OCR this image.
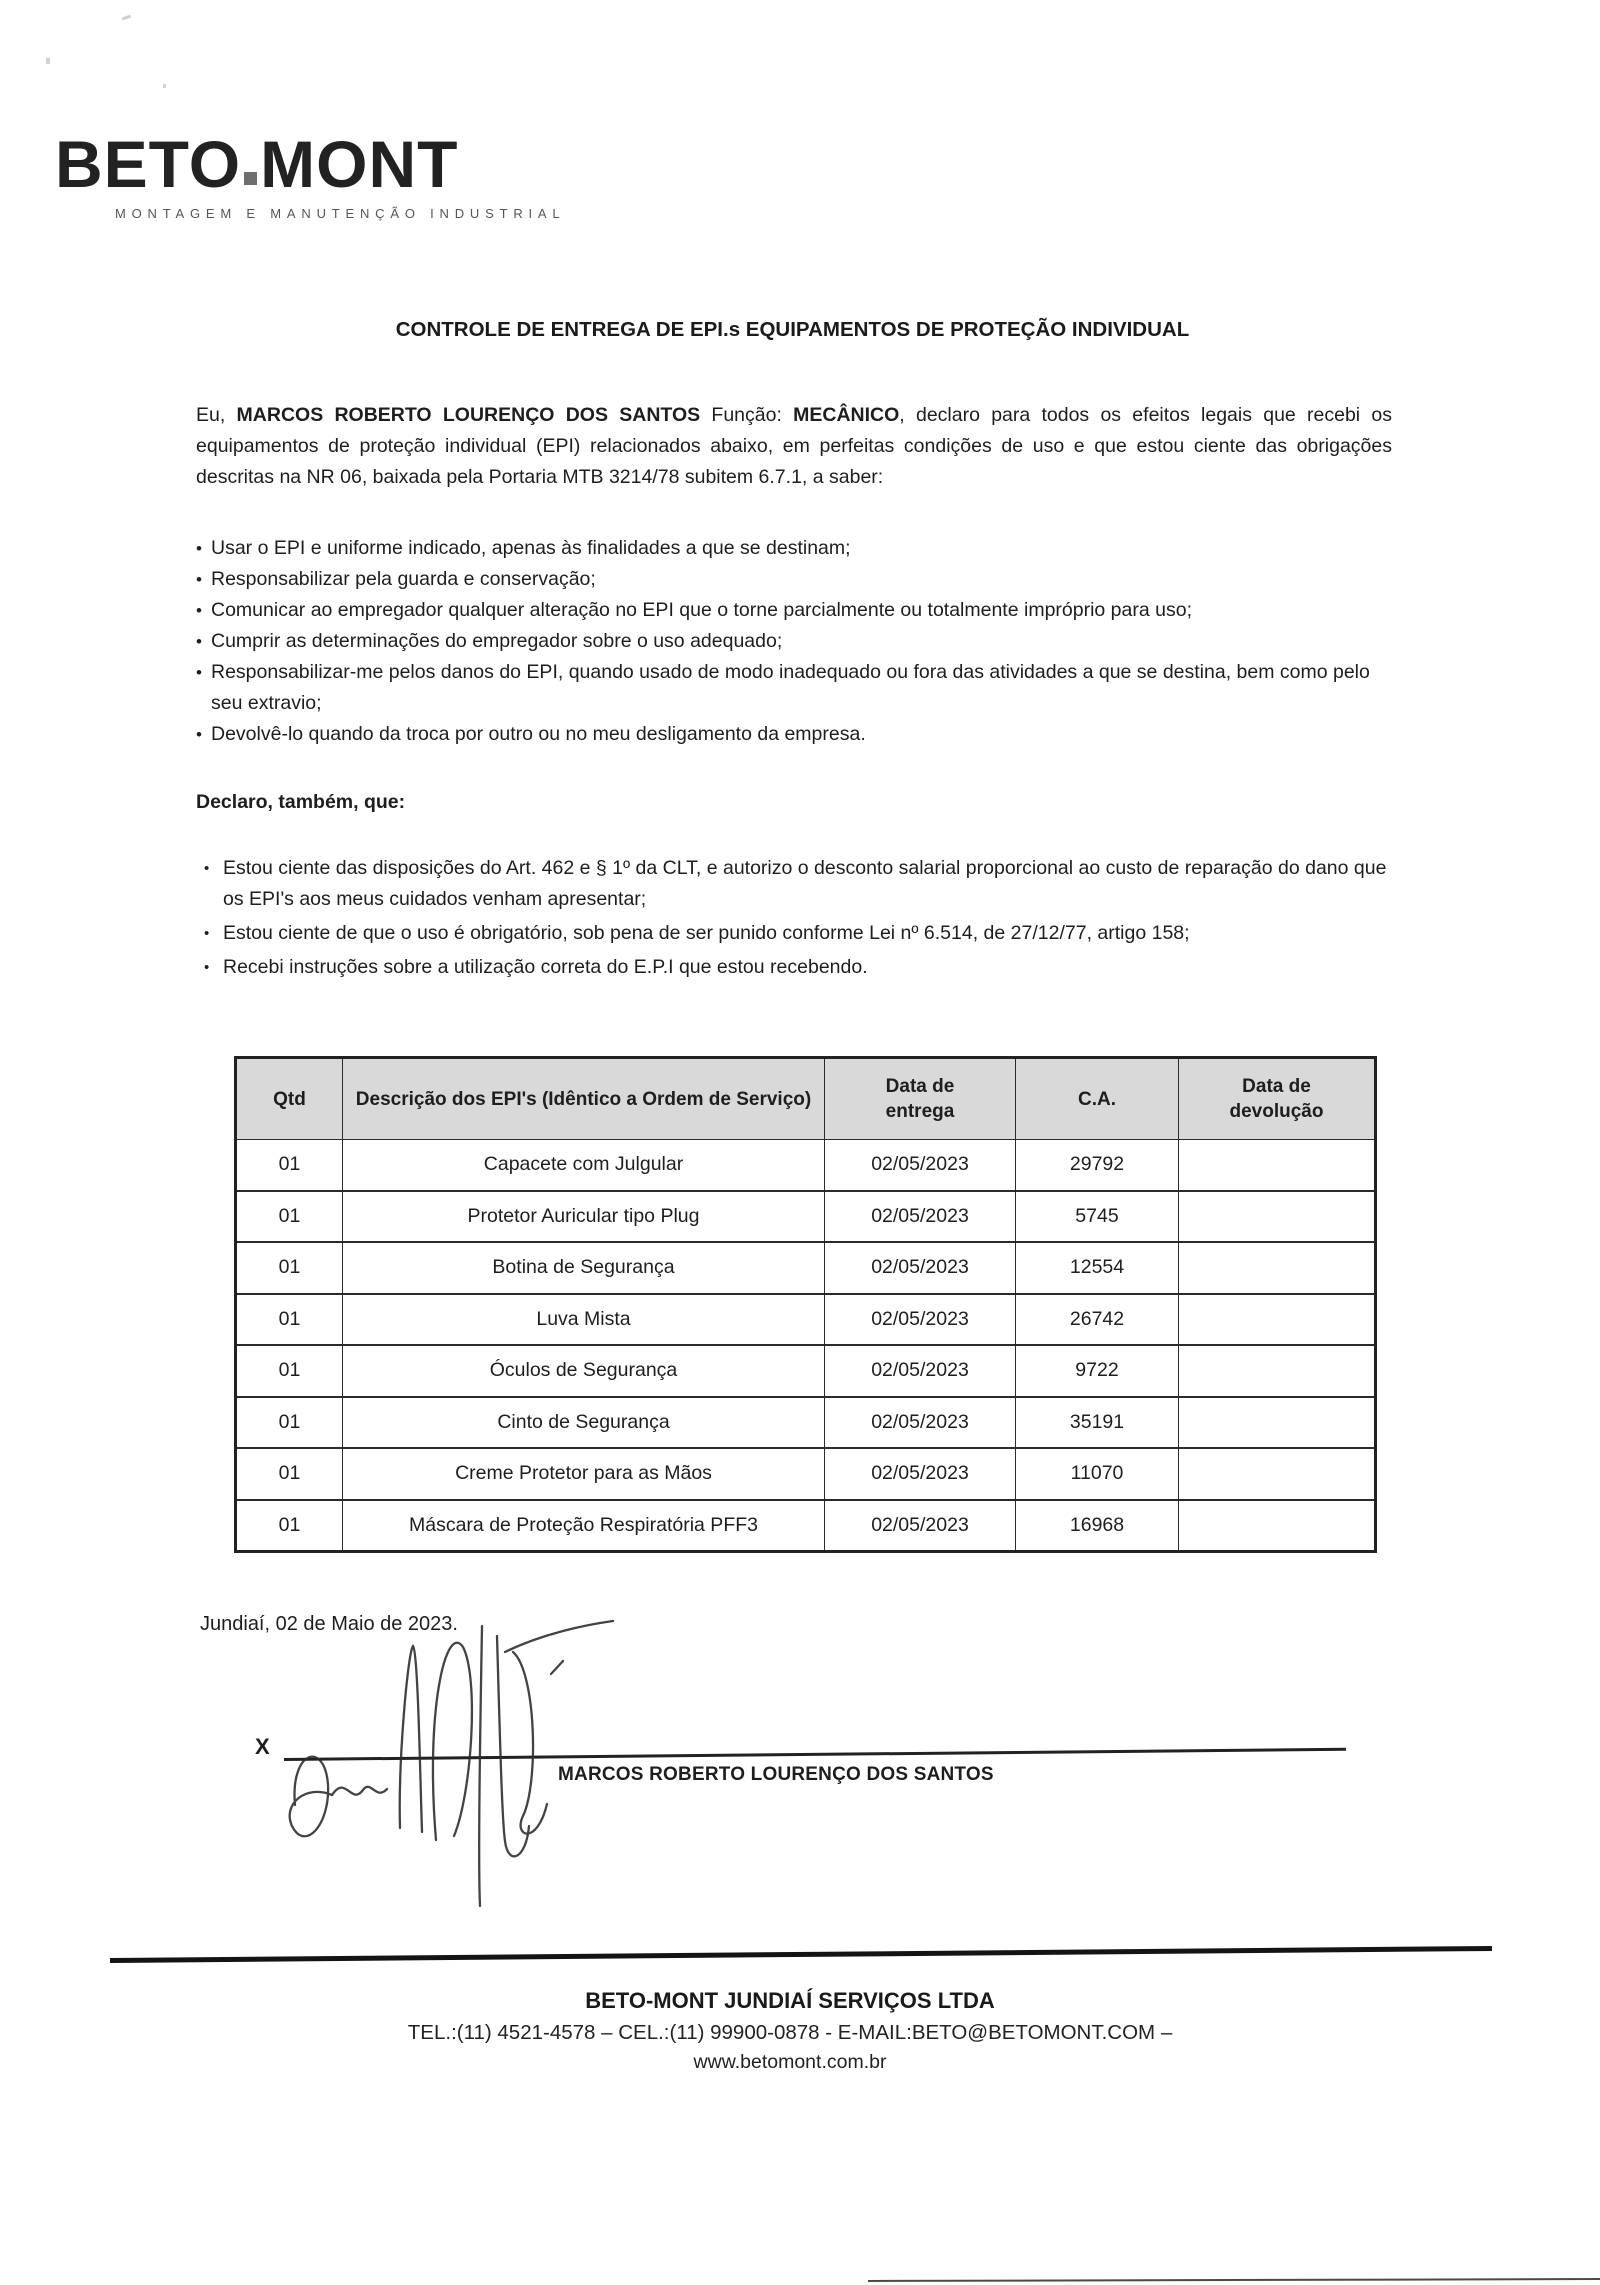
BETO MONT
MONTAGEM E MANUTENÇÃO INDUSTRIAL
CONTROLE DE ENTREGA DE EPI.s EQUIPAMENTOS DE PROTEÇÃO INDIVIDUAL

Eu, MARCOS ROBERTO LOURENÇO DOS SANTOS Função: MECÂNICO, declaro para todos os efeitos legais que recebi os equipamentos de proteção individual (EPI) relacionados abaixo, em perfeitas condições de uso e que estou ciente das obrigações descritas na NR 06, baixada pela Portaria MTB 3214/78 subitem 6.7.1, a saber:

• Usar o EPI e uniforme indicado, apenas às finalidades a que se destinam;
• Responsabilizar pela guarda e conservação;
• Comunicar ao empregador qualquer alteração no EPI que o torne parcialmente ou totalmente impróprio para uso;
• Cumprir as determinações do empregador sobre o uso adequado;
• Responsabilizar-me pelos danos do EPI, quando usado de modo inadequado ou fora das atividades a que se destina, bem como pelo seu extravio;
• Devolvê-lo quando da troca por outro ou no meu desligamento da empresa.
Declaro, também, que:
• Estou ciente das disposições do Art. 462 e § 1º da CLT, e autorizo o desconto salarial proporcional ao custo de reparação do dano que os EPI's aos meus cuidados venham apresentar;
• Estou ciente de que o uso é obrigatório, sob pena de ser punido conforme Lei nº 6.514, de 27/12/77, artigo 158;
• Recebi instruções sobre a utilização correta do E.P.I que estou recebendo.
Qtd	Descrição dos EPI's (Idêntico a Ordem de Serviço)	Data de entrega	C.A.	Data de devolução
01	Capacete com Julgular	02/05/2023	29792	
01	Protetor Auricular tipo Plug	02/05/2023	5745	
01	Botina de Segurança	02/05/2023	12554	
01	Luva Mista	02/05/2023	26742	
01	Óculos de Segurança	02/05/2023	9722	
01	Cinto de Segurança	02/05/2023	35191	
01	Creme Protetor para as Mãos	02/05/2023	11070	
01	Máscara de Proteção Respiratória PFF3	02/05/2023	16968	
Jundiaí, 02 de Maio de 2023.
X
MARCOS ROBERTO LOURENÇO DOS SANTOS
BETO-MONT JUNDIAÍ SERVIÇOS LTDA
TEL.:(11) 4521-4578 – CEL.:(11) 99900-0878 - E-MAIL:BETO@BETOMONT.COM –
www.betomont.com.br
